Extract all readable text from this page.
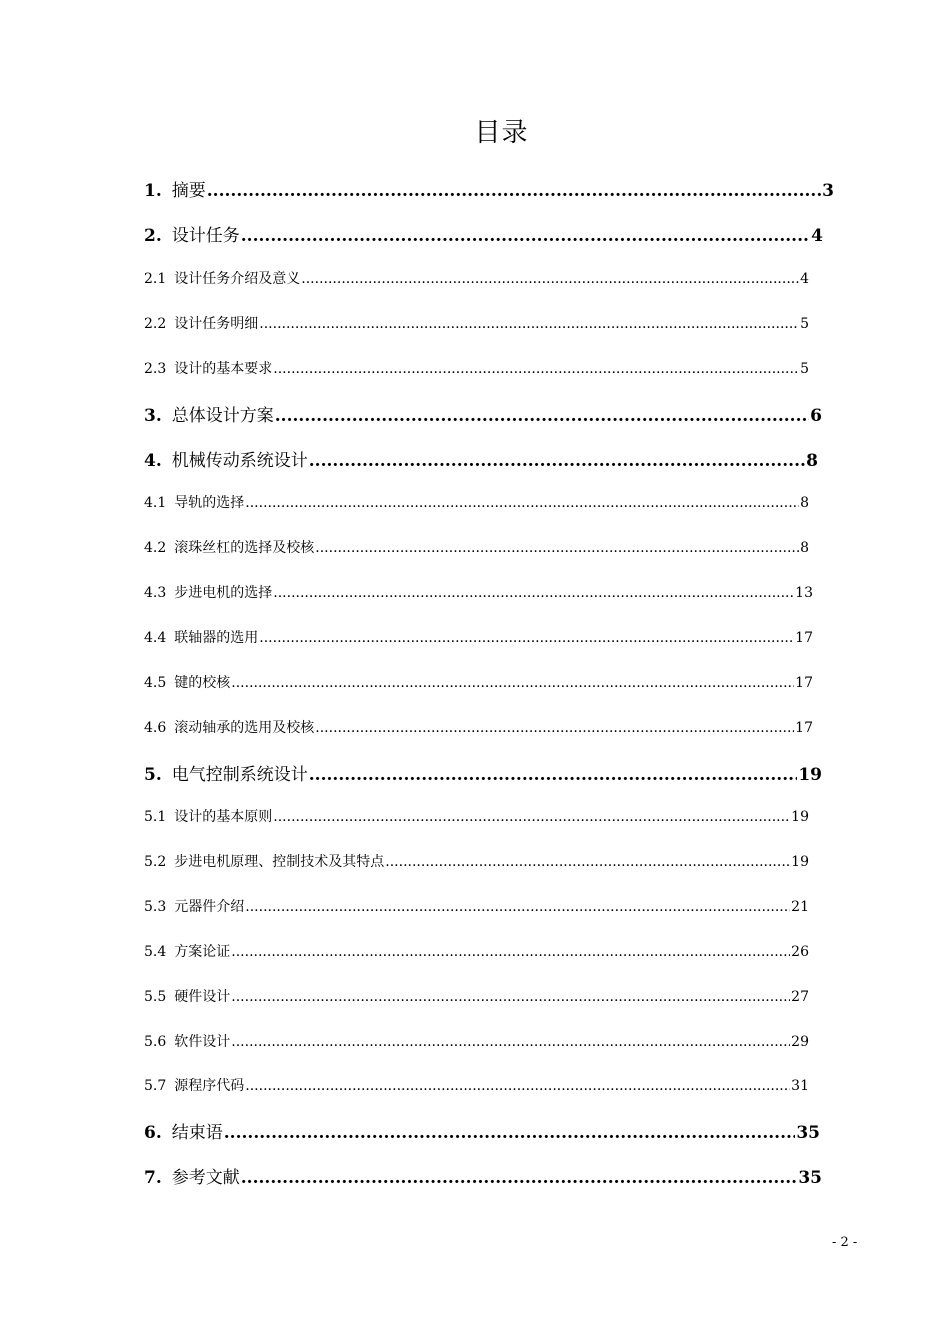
目录
1. 摘要 .....	3
2. 设计任务 .....	4
2.1 设计任务介绍及意义 .....	4
2.2 设计任务明细 .....	5
2.3 设计的基本要求 .....	5
3. 总体设计方案 .....	6
4. 机械传动系统设计 .....	8
4.1 导轨的选择 .....	8
4.2 滚珠丝杠的选择及校核 .....	8
4.3 步进电机的选择 .....	13
4.4 联轴器的选用 .....	17
4.5 键的校核 .....	17
4.6 滚动轴承的选用及校核 .....	17
5. 电气控制系统设计 .....	19
5.1 设计的基本原则 .....	19
5.2 步进电机原理、控制技术及其特点 .....	19
5.3 元器件介绍 .....	21
5.4 方案论证 .....	26
5.5 硬件设计 .....	27
5.6 软件设计 .....	29
5.7 源程序代码 .....	31
6. 结束语 .....	35
7. 参考文献 .....	35
- 2 -
